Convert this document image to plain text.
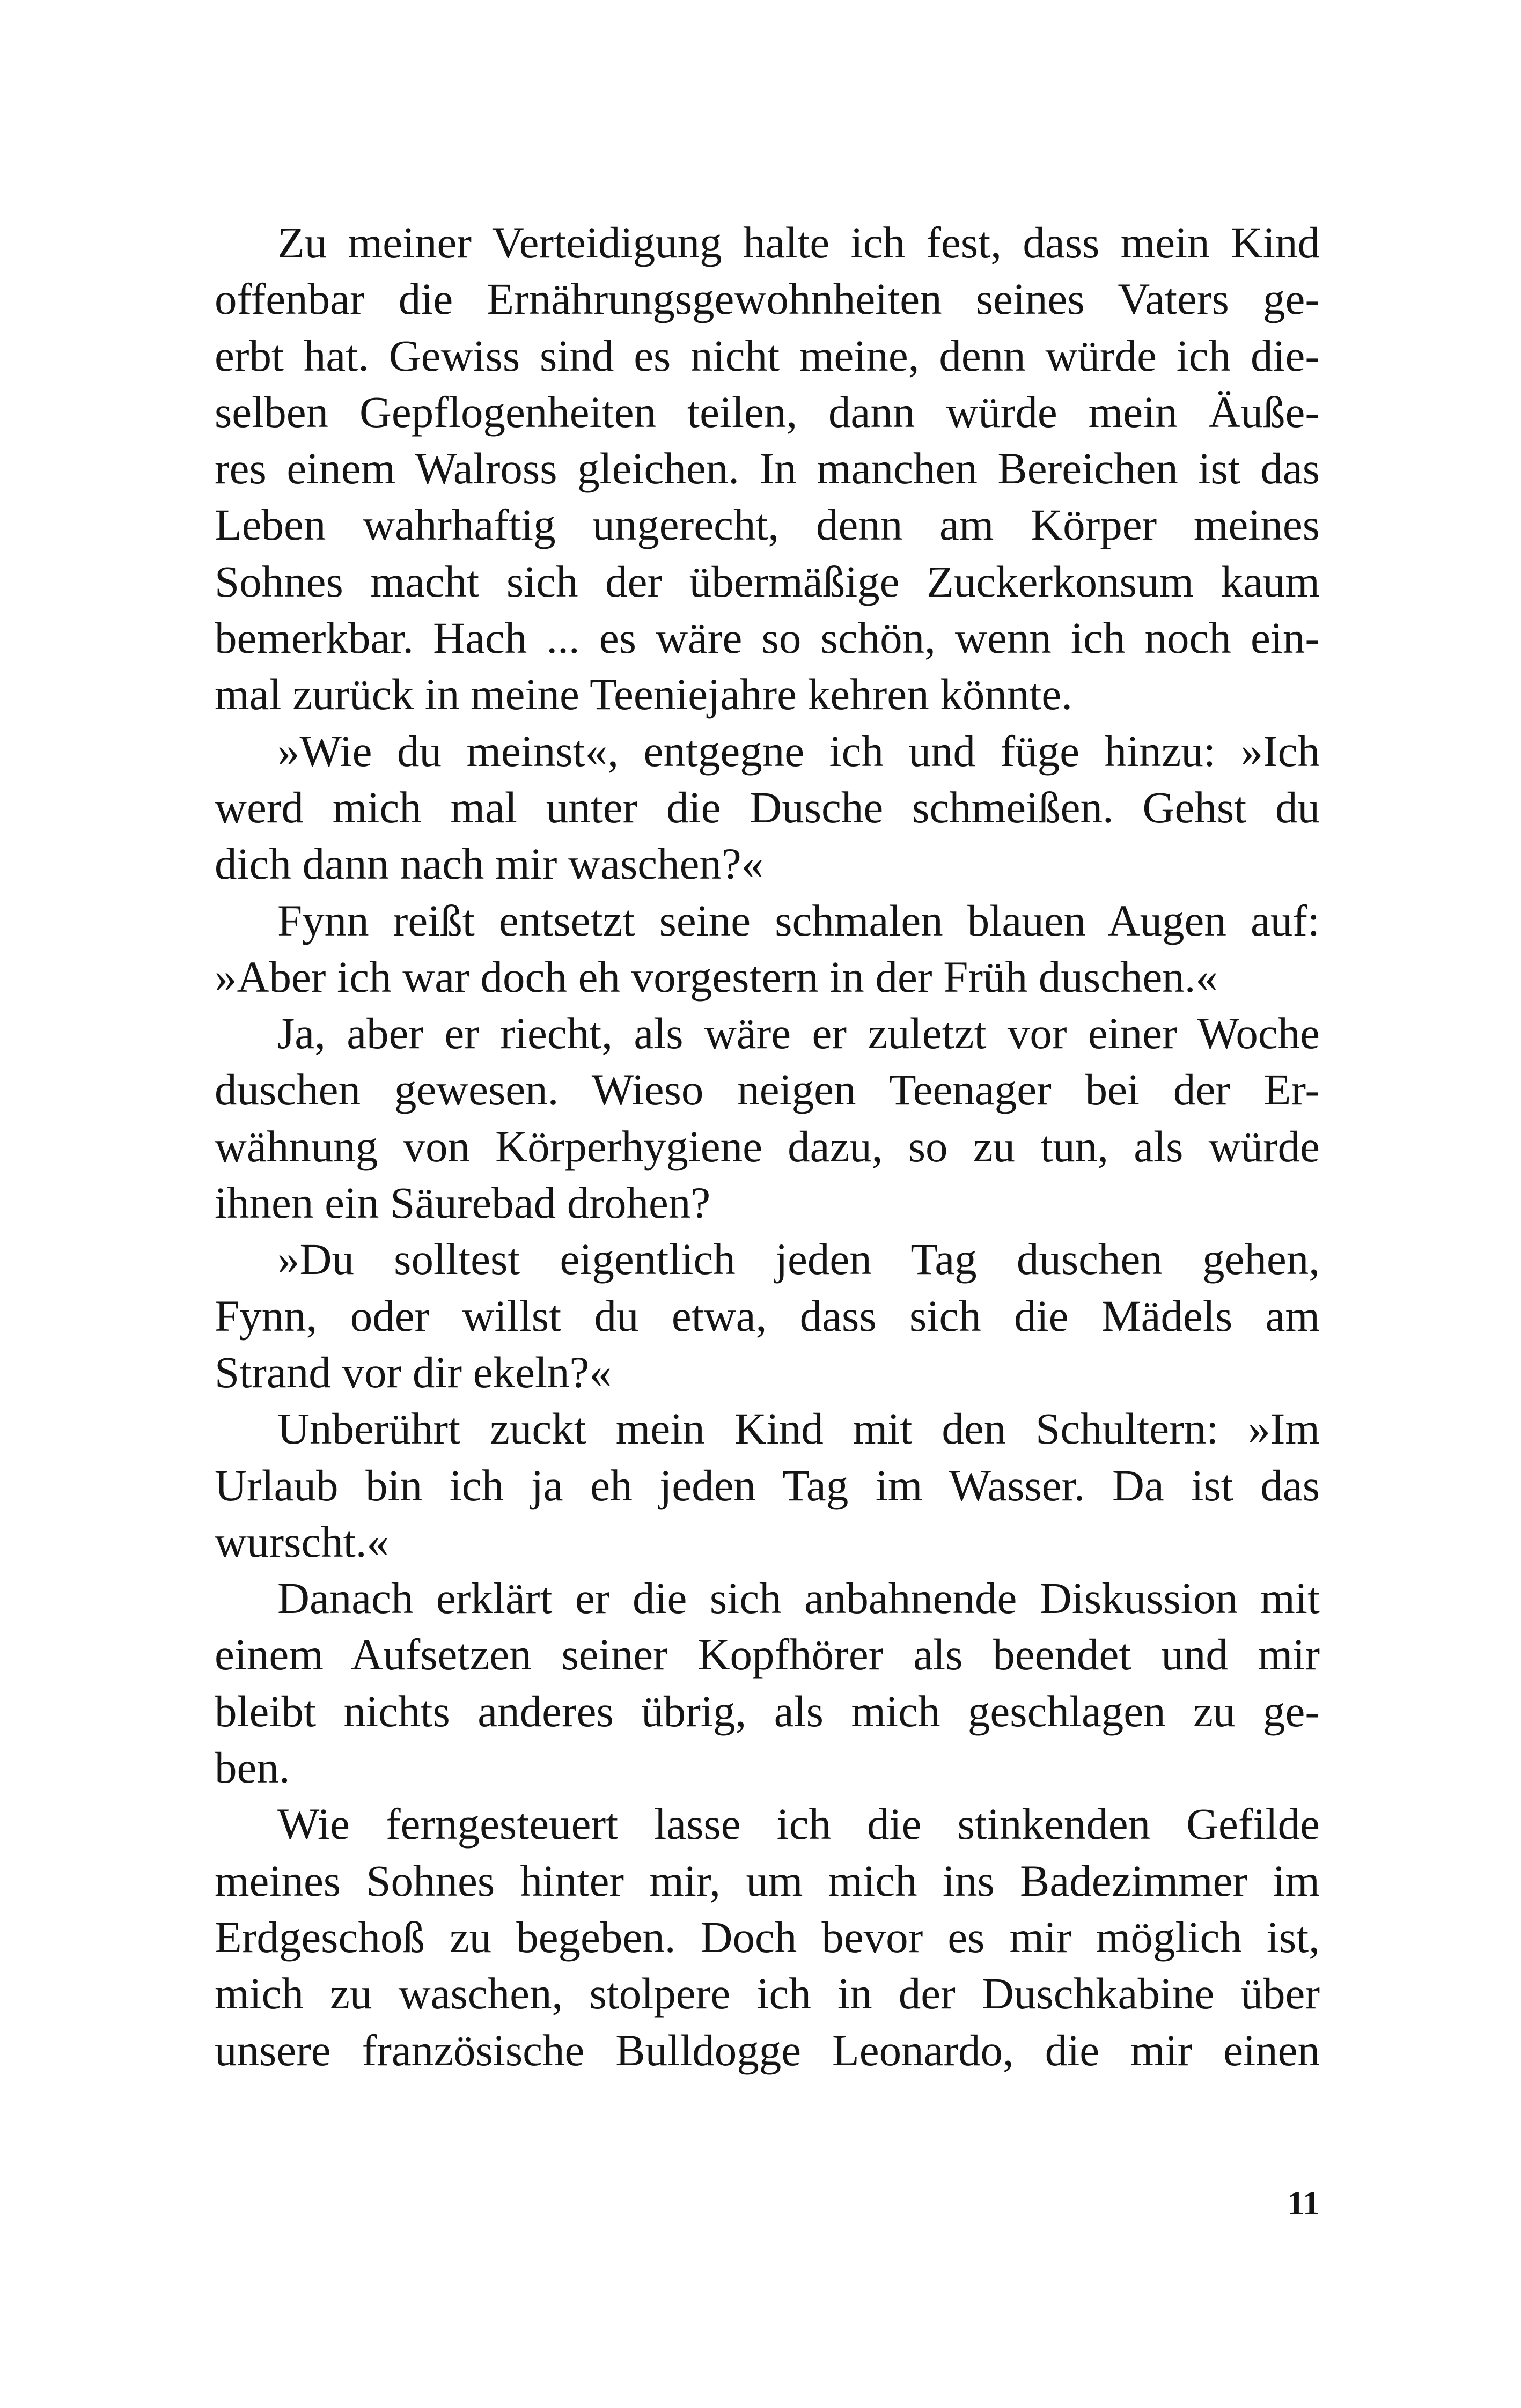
Zu meiner Verteidigung halte ich fest, dass mein Kind
offenbar die Ernährungsgewohnheiten seines Vaters ge-
erbt hat. Gewiss sind es nicht meine, denn würde ich die-
selben Gepflogenheiten teilen, dann würde mein Äuße-
res einem Walross gleichen. In manchen Bereichen ist das
Leben wahrhaftig ungerecht, denn am Körper meines
Sohnes macht sich der übermäßige Zuckerkonsum kaum
bemerkbar. Hach ... es wäre so schön, wenn ich noch ein-
mal zurück in meine Teeniejahre kehren könnte.
»Wie du meinst«, entgegne ich und füge hinzu: »Ich
werd mich mal unter die Dusche schmeißen. Gehst du
dich dann nach mir waschen?«
Fynn reißt entsetzt seine schmalen blauen Augen auf:
»Aber ich war doch eh vorgestern in der Früh duschen.«
Ja, aber er riecht, als wäre er zuletzt vor einer Woche
duschen gewesen. Wieso neigen Teenager bei der Er-
wähnung von Körperhygiene dazu, so zu tun, als würde
ihnen ein Säurebad drohen?
»Du solltest eigentlich jeden Tag duschen gehen,
Fynn, oder willst du etwa, dass sich die Mädels am
Strand vor dir ekeln?«
Unberührt zuckt mein Kind mit den Schultern: »Im
Urlaub bin ich ja eh jeden Tag im Wasser. Da ist das
wurscht.«
Danach erklärt er die sich anbahnende Diskussion mit
einem Aufsetzen seiner Kopfhörer als beendet und mir
bleibt nichts anderes übrig, als mich geschlagen zu ge-
ben.
Wie ferngesteuert lasse ich die stinkenden Gefilde
meines Sohnes hinter mir, um mich ins Badezimmer im
Erdgeschoß zu begeben. Doch bevor es mir möglich ist,
mich zu waschen, stolpere ich in der Duschkabine über
unsere französische Bulldogge Leonardo, die mir einen
11
